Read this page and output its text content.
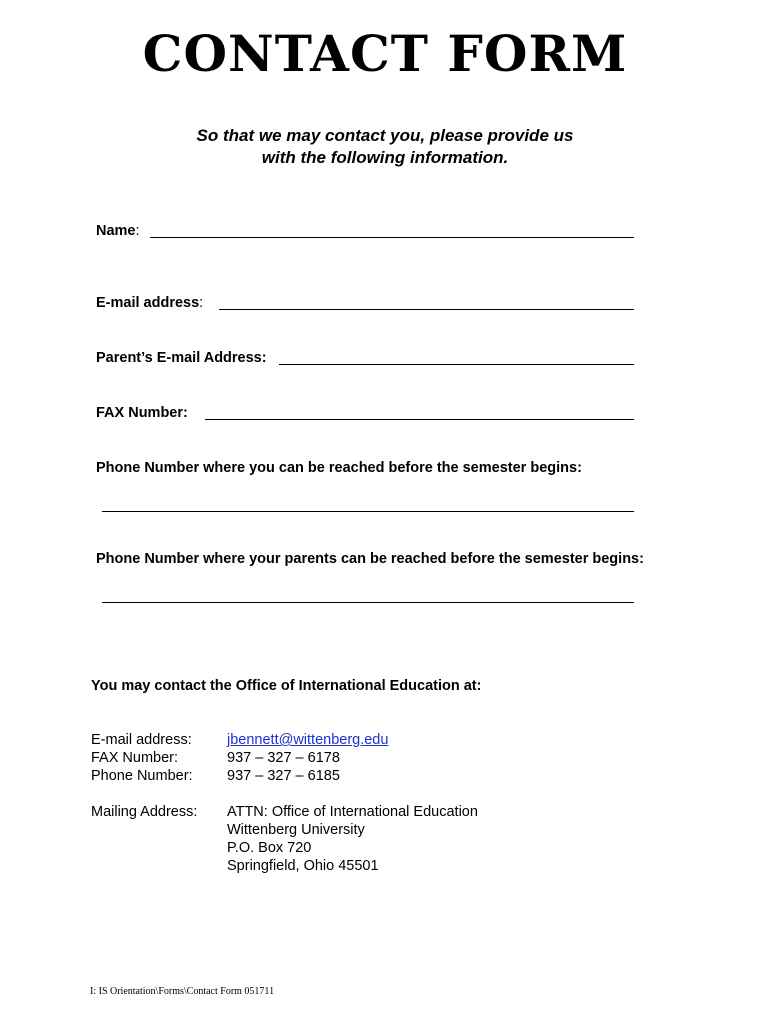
CONTACT FORM
So that we may contact you, please provide us
with the following information.
Name:
E-mail address:
Parent’s E-mail Address:
FAX Number:
Phone Number where you can be reached before the semester begins:
Phone Number where your parents can be reached before the semester begins:
You may contact the Office of International Education at:
E-mail address: jbennett@wittenberg.edu
FAX Number:	937 – 327 – 6178
Phone Number: 937 – 327 – 6185
Mailing Address: ATTN: Office of International Education
Wittenberg University
P.O. Box 720
Springfield, Ohio 45501
I: IS Orientation\Forms\Contact Form 051711
